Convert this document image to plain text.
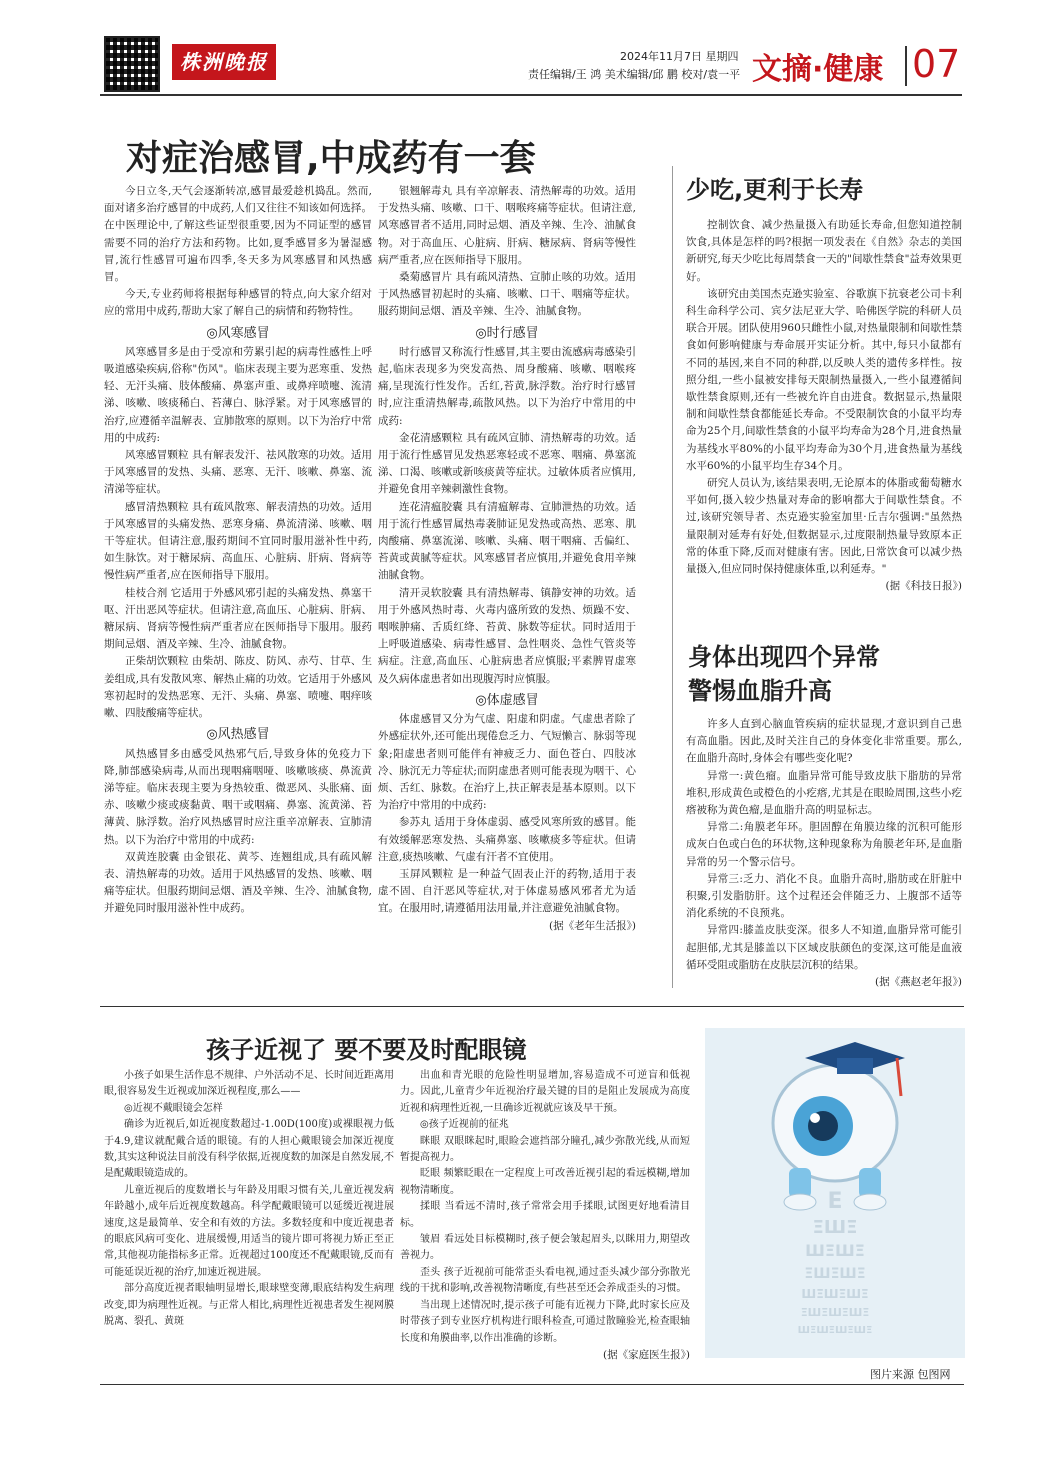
株洲晚报	2024年11月7日 星期四
责任编辑/王 鸿 美术编辑/邱 鹏 校对/袁一平 文摘·健康 07
对症治感冒,中成药有一套

今日立冬,天气会逐渐转凉,感冒最爱趁机捣乱。然而,面对诸多治疗感冒的中成药,人们又往往不知该如何选择。在中医理论中,了解这些证型很重要,因为不同证型的感冒需要不同的治疗方法和药物。比如,夏季感冒多为暑湿感冒,流行性感冒可遍布四季,冬天多为风寒感冒和风热感冒。

今天,专业药师将根据每种感冒的特点,向大家介绍对应的常用中成药,帮助大家了解自己的病情和药物特性。

◎风寒感冒

风寒感冒多是由于受凉和劳累引起的病毒性感性上呼吸道感染疾病,俗称"伤风"。临床表现主要为恶寒重、发热轻、无汗头痛、肢体酸痛、鼻塞声重、或鼻痒喷嚏、流清涕、咳嗽、咳痰稀白、苔薄白、脉浮紧。对于风寒感冒的治疗,应遵循辛温解表、宣肺散寒的原则。以下为治疗中常用的中成药:

风寒感冒颗粒 具有解表发汗、祛风散寒的功效。适用于风寒感冒的发热、头痛、恶寒、无汗、咳嗽、鼻塞、流清涕等症状。

感冒清热颗粒 具有疏风散寒、解表清热的功效。适用于风寒感冒的头痛发热、恶寒身痛、鼻流清涕、咳嗽、咽干等症状。但请注意,服药期间不宜同时服用滋补性中药,如生脉饮。对于糖尿病、高血压、心脏病、肝病、肾病等慢性病严重者,应在医师指导下服用。

桂枝合剂 它适用于外感风邪引起的头痛发热、鼻塞干呕、汗出恶风等症状。但请注意,高血压、心脏病、肝病、糖尿病、肾病等慢性病严重者应在医师指导下服用。服药期间忌烟、酒及辛辣、生冷、油腻食物。

正柴胡饮颗粒 由柴胡、陈皮、防风、赤芍、甘草、生姜组成,具有发散风寒、解热止痛的功效。它适用于外感风寒初起时的发热恶寒、无汗、头痛、鼻塞、喷嚏、咽痒咳嗽、四肢酸痛等症状。

◎风热感冒

风热感冒多由感受风热邪气后,导致身体的免疫力下降,肺部感染病毒,从而出现咽痛咽哑、咳嗽咳痰、鼻流黄涕等症。临床表现主要为身热较重、微恶风、头胀痛、面赤、咳嗽少痰或痰黏黄、咽干或咽痛、鼻塞、流黄涕、苔薄黄、脉浮数。治疗风热感冒时应注重辛凉解表、宣肺清热。以下为治疗中常用的中成药:

双黄连胶囊 由金银花、黄芩、连翘组成,具有疏风解表、清热解毒的功效。适用于风热感冒的发热、咳嗽、咽痛等症状。但服药期间忌烟、酒及辛辣、生冷、油腻食物,并避免同时服用滋补性中成药。

银翘解毒丸 具有辛凉解表、清热解毒的功效。适用于发热头痛、咳嗽、口干、咽喉疼痛等症状。但请注意,风寒感冒者不适用,同时忌烟、酒及辛辣、生冷、油腻食物。对于高血压、心脏病、肝病、糖尿病、肾病等慢性病严重者,应在医师指导下服用。

桑菊感冒片 具有疏风清热、宣肺止咳的功效。适用于风热感冒初起时的头痛、咳嗽、口干、咽痛等症状。服药期间忌烟、酒及辛辣、生冷、油腻食物。

◎时行感冒

时行感冒又称流行性感冒,其主要由流感病毒感染引起,临床表现多为突发高热、周身酸痛、咳嗽、咽喉疼痛,呈现流行性发作。舌红,苔黄,脉浮数。治疗时行感冒时,应注重清热解毒,疏散风热。以下为治疗中常用的中成药:

金花清感颗粒 具有疏风宣肺、清热解毒的功效。适用于流行性感冒见发热恶寒轻或不恶寒、咽痛、鼻塞流涕、口渴、咳嗽或新咳痰黄等症状。过敏体质者应慎用,并避免食用辛辣刺激性食物。

连花清瘟胶囊 具有清瘟解毒、宣肺泄热的功效。适用于流行性感冒属热毒袭肺证见发热或高热、恶寒、肌肉酸痛、鼻塞流涕、咳嗽、头痛、咽干咽痛、舌偏红、苔黄或黄腻等症状。风寒感冒者应慎用,并避免食用辛辣油腻食物。

清开灵软胶囊 具有清热解毒、镇静安神的功效。适用于外感风热时毒、火毒内盛所致的发热、烦躁不安、咽喉肿痛、舌质红绛、苔黄、脉数等症状。同时适用于上呼吸道感染、病毒性感冒、急性咽炎、急性气管炎等病症。注意,高血压、心脏病患者应慎服;平素脾胃虚寒及久病体虚患者如出现腹泻时应慎服。

◎体虚感冒

体虚感冒又分为气虚、阳虚和阴虚。气虚患者除了外感症状外,还可能出现倦怠乏力、气短懒言、脉弱等现象;阳虚患者则可能伴有神疲乏力、面色苍白、四肢冰冷、脉沉无力等症状;而阴虚患者则可能表现为咽干、心烦、舌红、脉数。在治疗上,扶正解表是基本原则。以下为治疗中常用的中成药:

参苏丸 适用于身体虚弱、感受风寒所致的感冒。能有效缓解恶寒发热、头痛鼻塞、咳嗽痰多等症状。但请注意,痰热咳嗽、气虚有汗者不宜使用。

玉屏风颗粒 是一种益气固表止汗的药物,适用于表虚不固、自汗恶风等症状,对于体虚易感风邪者尤为适宜。在服用时,请遵循用法用量,并注意避免油腻食物。

(据《老年生活报》)
少吃,更利于长寿

控制饮食、减少热量摄入有助延长寿命,但您知道控制饮食,具体是怎样的吗?根据一项发表在《自然》杂志的美国新研究,每天少吃比每周禁食一天的"间歇性禁食"益寿效果更好。

该研究由美国杰克逊实验室、谷歌旗下抗衰老公司卡利科生命科学公司、宾夕法尼亚大学、哈佛医学院的科研人员联合开展。团队使用960只雌性小鼠,对热量限制和间歇性禁食如何影响健康与寿命展开实证分析。其中,每只小鼠都有不同的基因,来自不同的种群,以反映人类的遗传多样性。按照分组,一些小鼠被安排每天限制热量摄入,一些小鼠遵循间歇性禁食原则,还有一些被允许自由进食。数据显示,热量限制和间歇性禁食都能延长寿命。不受限制饮食的小鼠平均寿命为25个月,间歇性禁食的小鼠平均寿命为28个月,进食热量为基线水平80%的小鼠平均寿命为30个月,进食热量为基线水平60%的小鼠平均生存34个月。

研究人员认为,该结果表明,无论原本的体脂或葡萄糖水平如何,摄入较少热量对寿命的影响都大于间歇性禁食。不过,该研究领导者、杰克逊实验室加里·丘吉尔强调:"虽然热量限制对延寿有好处,但数据显示,过度限制热量导致原本正常的体重下降,反而对健康有害。因此,日常饮食可以减少热量摄入,但应同时保持健康体重,以利延寿。"

(据《科技日报》)
身体出现四个异常
警惕血脂升高

许多人直到心脑血管疾病的症状显现,才意识到自己患有高血脂。因此,及时关注自己的身体变化非常重要。那么,在血脂升高时,身体会有哪些变化呢?

异常一:黄色瘤。血脂异常可能导致皮肤下脂肪的异常堆积,形成黄色或橙色的小疙瘩,尤其是在眼睑周围,这些小疙瘩被称为黄色瘤,是血脂升高的明显标志。

异常二:角膜老年环。胆固醇在角膜边缘的沉积可能形成灰白色或白色的环状物,这种现象称为角膜老年环,是血脂异常的另一个警示信号。

异常三:乏力、消化不良。血脂升高时,脂肪或在肝脏中积聚,引发脂肪肝。这个过程还会伴随乏力、上腹部不适等消化系统的不良预兆。

异常四:膝盖皮肤变深。很多人不知道,血脂异常可能引起胆郁,尤其是膝盖以下区域皮肤颜色的变深,这可能是血液循环受阻或脂肪在皮肤层沉积的结果。

(据《燕赵老年报》)
孩子近视了 要不要及时配眼镜

小孩子如果生活作息不规律、户外活动不足、长时间近距离用眼,很容易发生近视或加深近视程度,那么——

◎近视不戴眼镜会怎样

确诊为近视后,如近视度数超过-1.00D(100度)或裸眼视力低于4.9,建议就配戴合适的眼镜。有的人担心戴眼镜会加深近视度数,其实这种说法目前没有科学依据,近视度数的加深是自然发展,不是配戴眼镜造成的。

儿童近视后的度数增长与年龄及用眼习惯有关,儿童近视发病年龄越小,成年后近视度数越高。科学配戴眼镜可以延缓近视进展速度,这是最简单、安全和有效的方法。多数轻度和中度近视患者的眼底风病可变化、进展缓慢,用适当的镜片即可将视力矫正至正常,其他视功能指标多正常。近视超过100度还不配戴眼镜,反而有可能延误近视的治疗,加速近视进展。

部分高度近视者眼轴明显增长,眼球壁变薄,眼底结构发生病理改变,即为病理性近视。与正常人相比,病理性近视患者发生视网膜脱离、裂孔、黄斑

出血和青光眼的危险性明显增加,容易造成不可逆盲和低视力。因此,儿童青少年近视治疗最关键的目的是阻止发展成为高度近视和病理性近视,一旦确诊近视就应该及早干预。

◎孩子近视前的征兆

眯眼 双眼眯起时,眼睑会遮挡部分瞳孔,减少弥散光线,从而短暂提高视力。

眨眼 频繁眨眼在一定程度上可改善近视引起的看远模糊,增加视物清晰度。

揉眼 当看远不清时,孩子常常会用手揉眼,试图更好地看清目标。

皱眉 看远处目标模糊时,孩子便会皱起眉头,以眯用力,期望改善视力。

歪头 孩子近视前可能常歪头看电视,通过歪头减少部分弥散光线的干扰和影响,改善视物清晰度,有些甚至还会养成歪头的习惯。

当出现上述情况时,提示孩子可能有近视力下降,此时家长应及时带孩子到专业医疗机构进行眼科检查,可通过散瞳验光,检查眼轴长度和角膜曲率,以作出准确的诊断。

(据《家庭医生报》)
E
ΞШΞ
ШΞШΞ
ΞШΞШΞ
ШΞШΞШΞ
ΞШΞШΞШΞ
ШΞШΞШΞШΞ
图片来源 包图网
